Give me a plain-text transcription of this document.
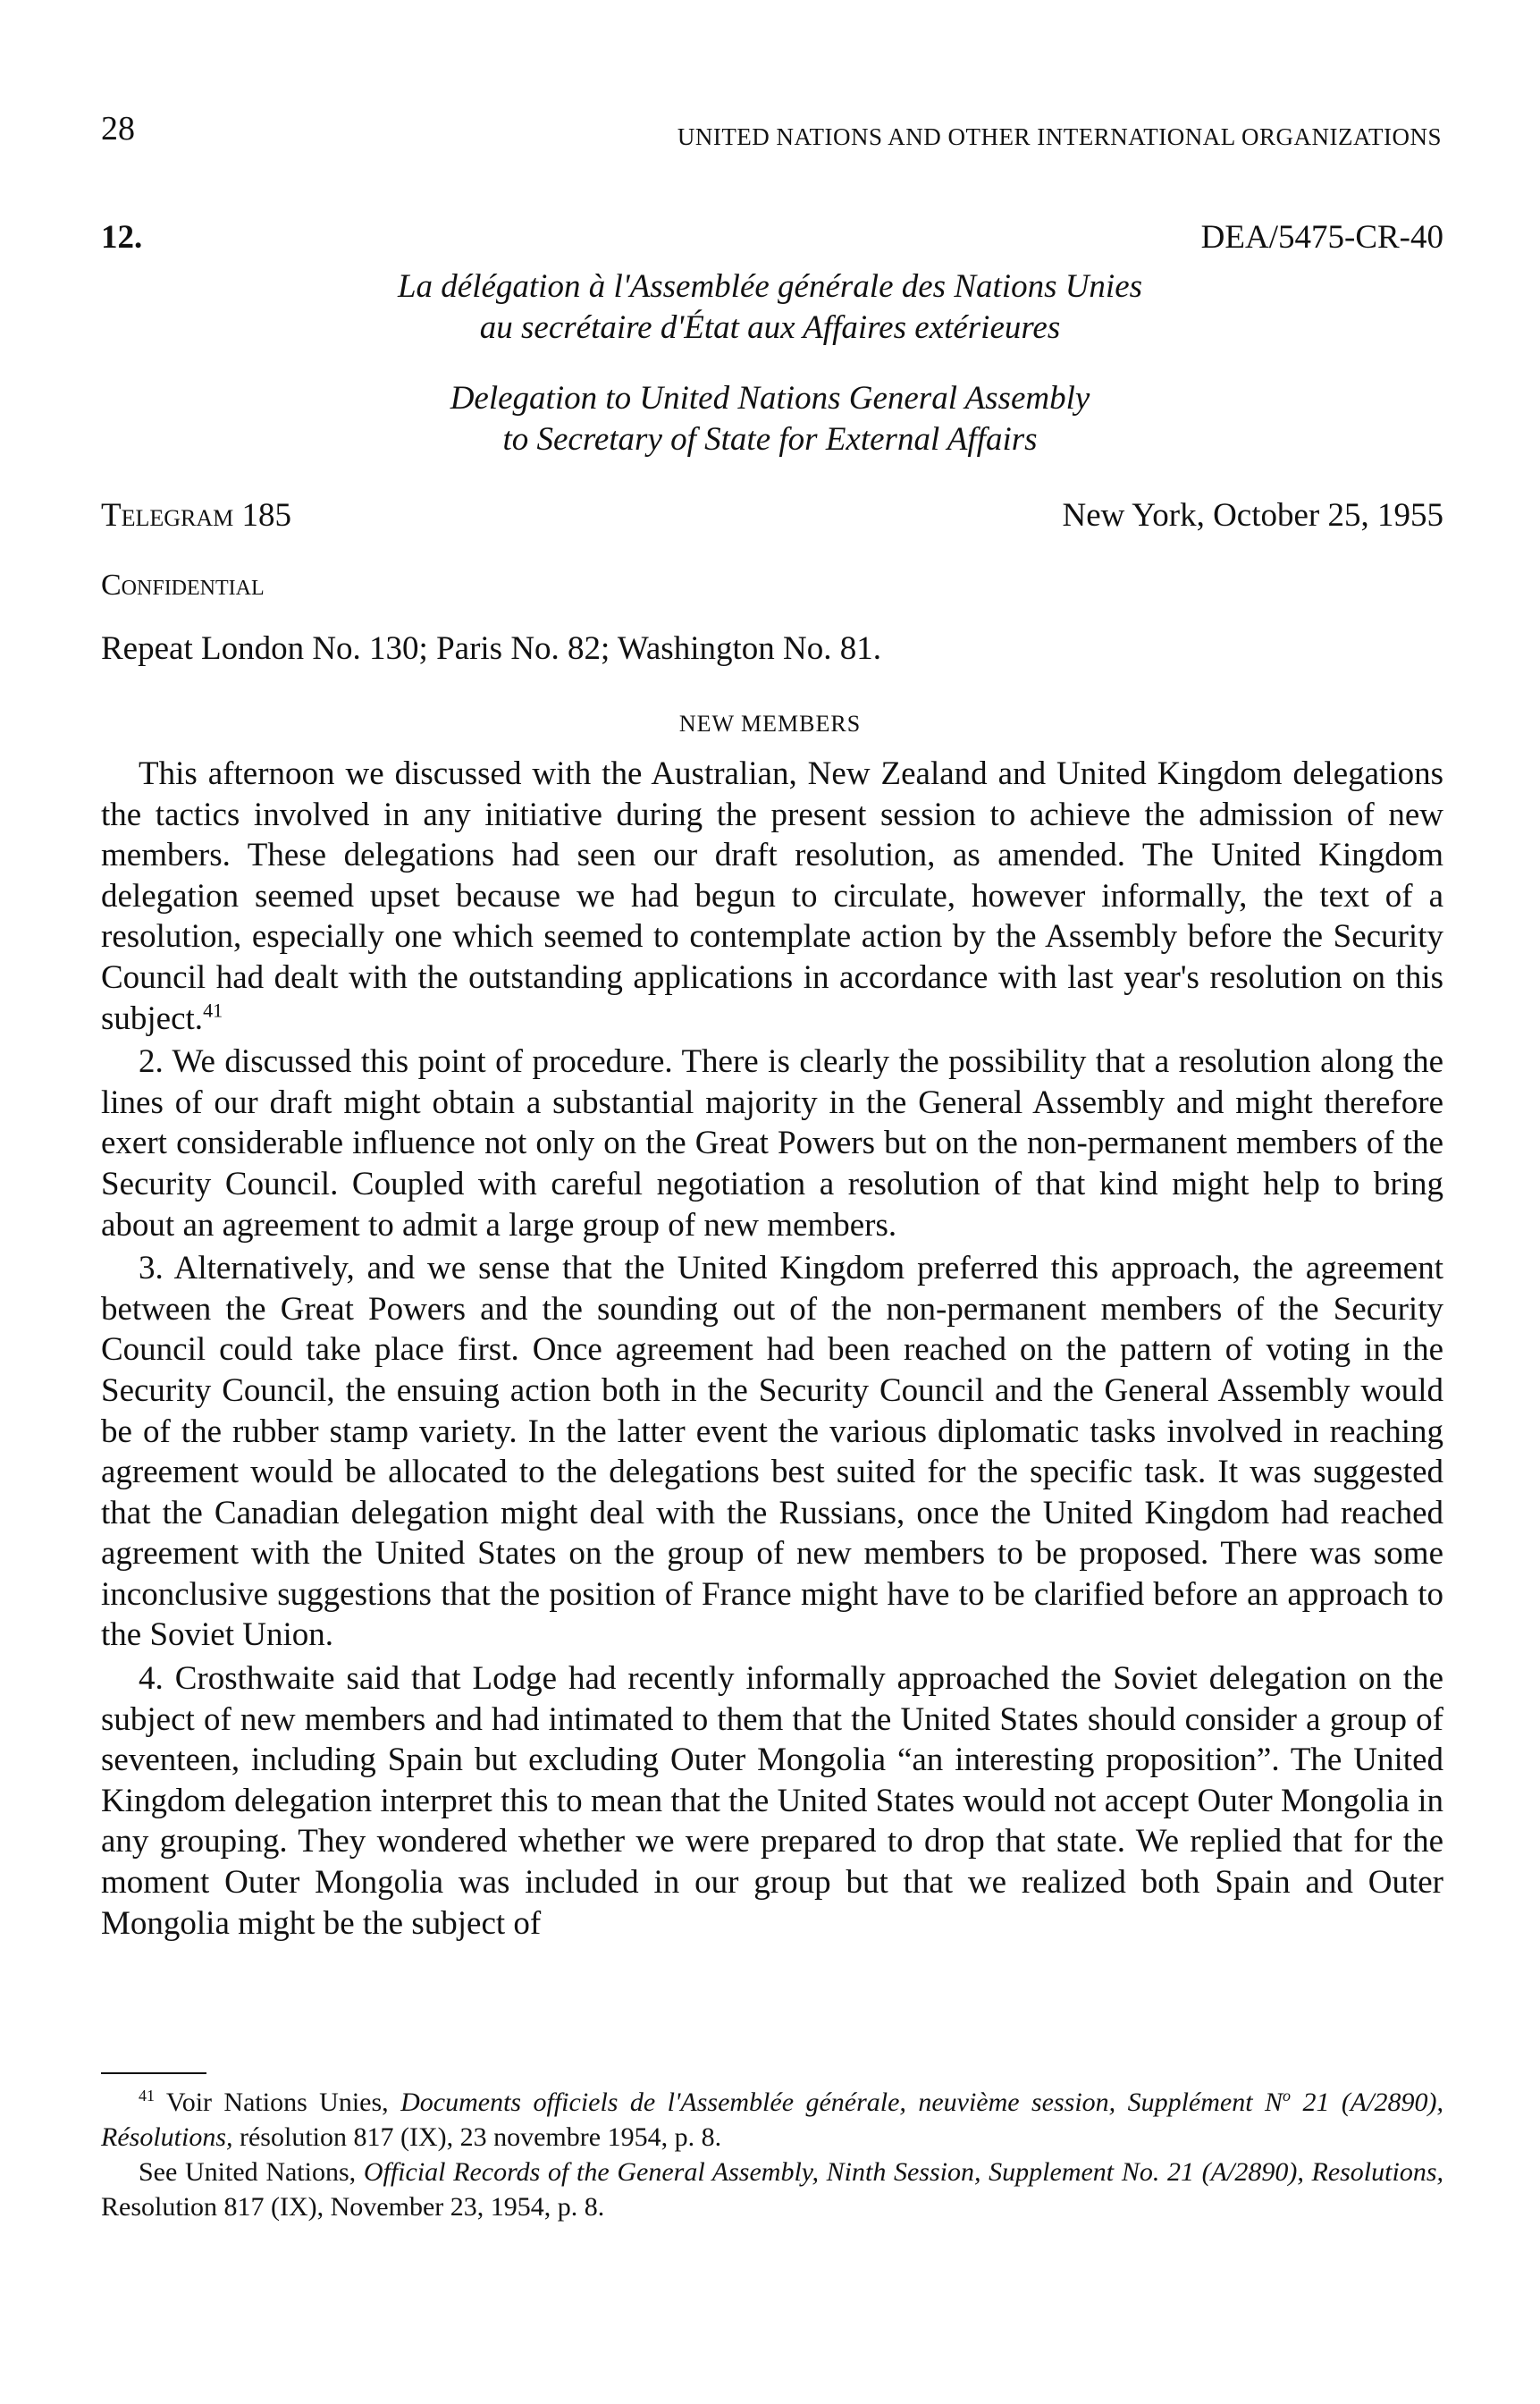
28	UNITED NATIONS AND OTHER INTERNATIONAL ORGANIZATIONS
12.	DEA/5475-CR-40
La délégation à l'Assemblée générale des Nations Unies
au secrétaire d'État aux Affaires extérieures
Delegation to United Nations General Assembly
to Secretary of State for External Affairs
Telegram 185	New York, October 25, 1955
Confidential
Repeat London No. 130; Paris No. 82; Washington No. 81.
NEW MEMBERS

This afternoon we discussed with the Australian, New Zealand and United Kingdom delegations the tactics involved in any initiative during the present session to achieve the admission of new members. These delegations had seen our draft resolution, as amended. The United Kingdom delegation seemed upset because we had begun to circulate, however informally, the text of a resolution, especially one which seemed to contemplate action by the Assembly before the Security Council had dealt with the outstanding applications in accordance with last year's resolution on this subject.$^{41}$

2. We discussed this point of procedure. There is clearly the possibility that a resolution along the lines of our draft might obtain a substantial majority in the General Assembly and might therefore exert considerable influence not only on the Great Powers but on the non-permanent members of the Security Council. Coupled with careful negotiation a resolution of that kind might help to bring about an agreement to admit a large group of new members.

3. Alternatively, and we sense that the United Kingdom preferred this approach, the agreement between the Great Powers and the sounding out of the non-permanent members of the Security Council could take place first. Once agreement had been reached on the pattern of voting in the Security Council, the ensuing action both in the Security Council and the General Assembly would be of the rubber stamp variety. In the latter event the various diplomatic tasks involved in reaching agreement would be allocated to the delegations best suited for the specific task. It was suggested that the Canadian delegation might deal with the Russians, once the United Kingdom had reached agreement with the United States on the group of new members to be proposed. There was some inconclusive suggestions that the position of France might have to be clarified before an approach to the Soviet Union.

4. Crosthwaite said that Lodge had recently informally approached the Soviet delegation on the subject of new members and had intimated to them that the United States should consider a group of seventeen, including Spain but excluding Outer Mongolia “an interesting proposition”. The United Kingdom delegation interpret this to mean that the United States would not accept Outer Mongolia in any grouping. They wondered whether we were prepared to drop that state. We replied that for the moment Outer Mongolia was included in our group but that we realized both Spain and Outer Mongolia might be the subject of

$^{41}$ Voir Nations Unies, Documents officiels de l'Assemblée générale, neuvième session, Supplément $N^o$ 21 (A/2890), Résolutions, résolution 817 (IX), 23 novembre 1954, p. 8.

See United Nations, Official Records of the General Assembly, Ninth Session, Supplement No. 21 (A/2890), Resolutions, Resolution 817 (IX), November 23, 1954, p. 8.
